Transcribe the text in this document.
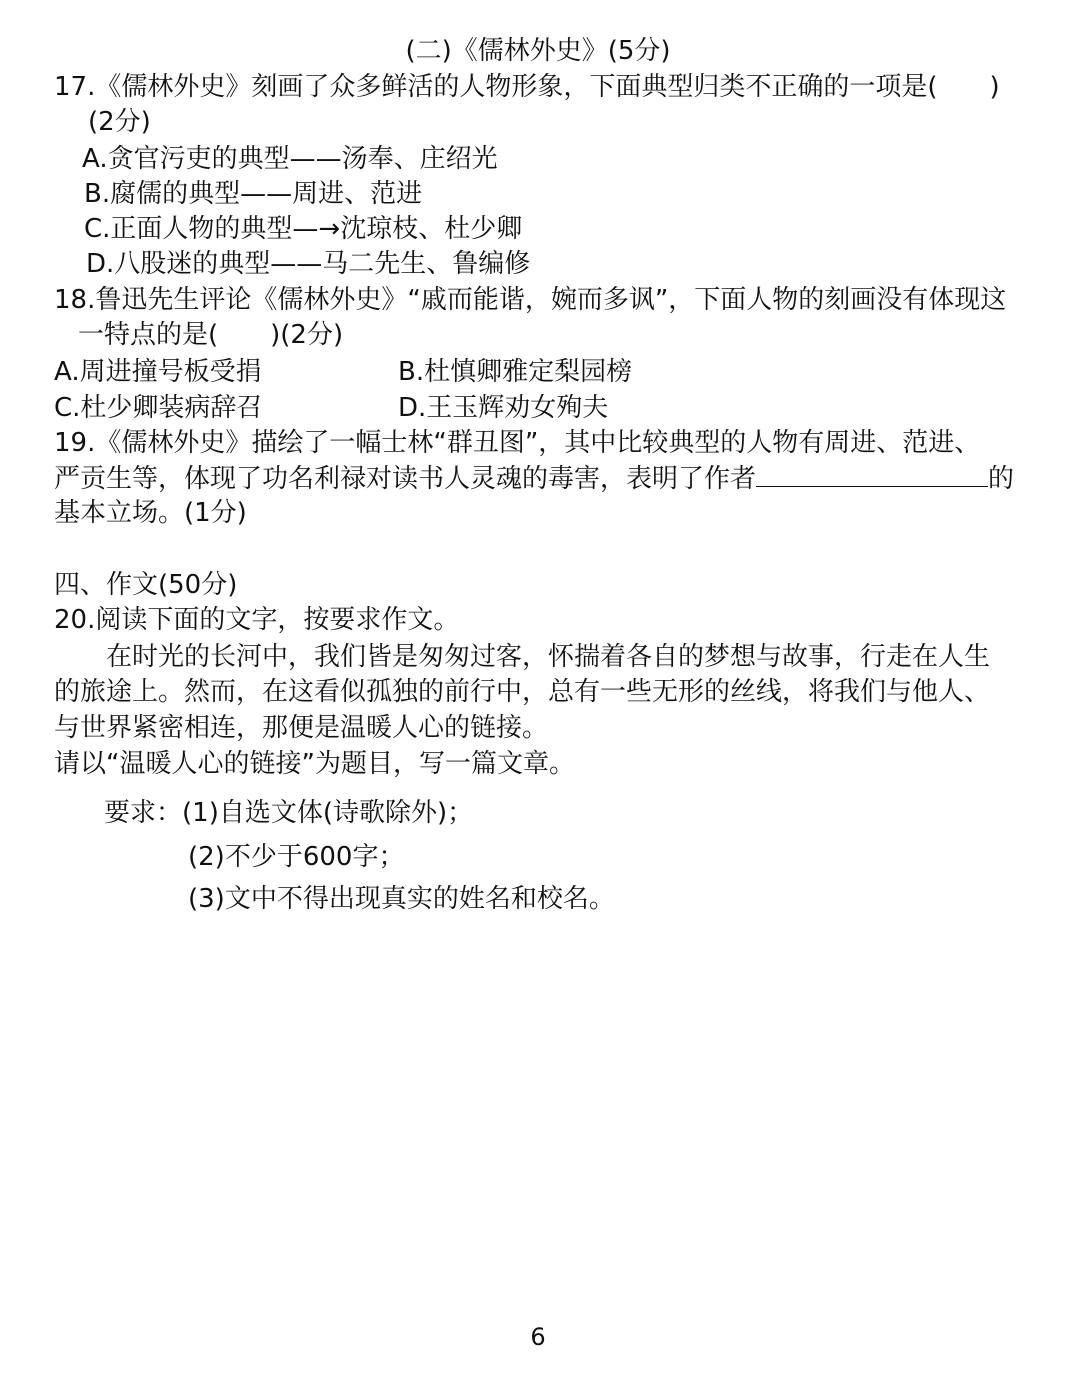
(二)《儒林外史》(5分)
17.《儒林外史》刻画了众多鲜活的人物形象，下面典型归类不正确的一项是(　　)
(2分)
A.贪官污吏的典型——汤奉、庄绍光
B.腐儒的典型——周进、范进
C.正面人物的典型—→沈琼枝、杜少卿
D.八股迷的典型——马二先生、鲁编修
18.鲁迅先生评论《儒林外史》“戚而能谐，婉而多讽”，下面人物的刻画没有体现这
一特点的是(　　)(2分)
A.周进撞号板受捐	B.杜慎卿雅定梨园榜
C.杜少卿装病辞召	D.王玉辉劝女殉夫
19.《儒林外史》描绘了一幅士林“群丑图”，其中比较典型的人物有周进、范进、
严贡生等，体现了功名利禄对读书人灵魂的毒害，表明了作者	的
基本立场。(1分)
四、作文(50分)
20.阅读下面的文字，按要求作文。
在时光的长河中，我们皆是匆匆过客，怀揣着各自的梦想与故事，行走在人生
的旅途上。然而，在这看似孤独的前行中，总有一些无形的丝线，将我们与他人、
与世界紧密相连，那便是温暖人心的链接。
请以“温暖人心的链接”为题目，写一篇文章。
要求：(1)自选文体(诗歌除外)；
(2)不少于600字；
(3)文中不得出现真实的姓名和校名。
6
